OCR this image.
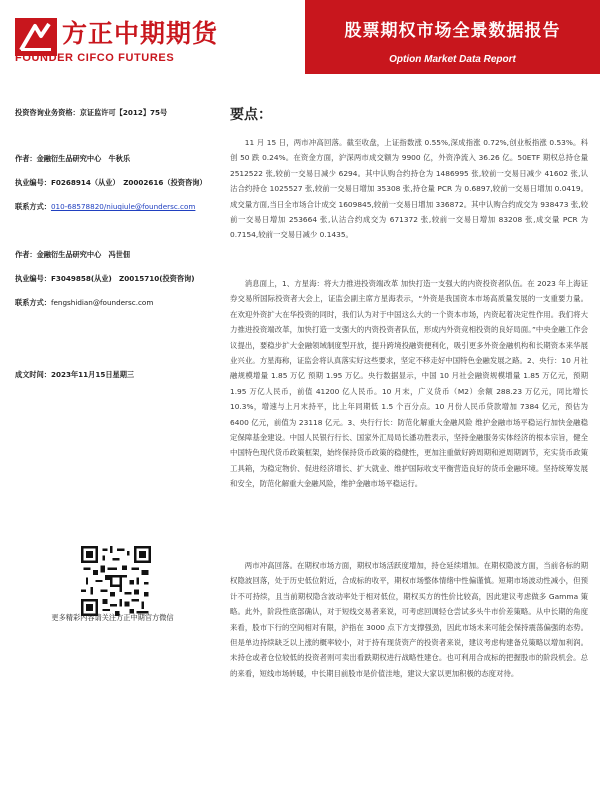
方正中期期货
FOUNDER CIFCO FUTURES
股票期权市场全景数据报告
Option Market Data Report
投资咨询业务资格：京证监许可【2012】75号
作者：金融衍生品研究中心　牛秋乐
执业编号：F0268914（从业）　Z0002616（投资咨询）
联系方式：010-68578820/niuqiule@foundersc.com
作者：金融衍生品研究中心　冯世佃
执业编号：F3049858(从业)　Z0015710(投资咨询)
联系方式：fengshidian@foundersc.com
成文时间：2023年11月15日星期三
更多精彩内容请关注方正中期官方微信
要点：
11 月 15 日，两市冲高回落。截至收盘，上证指数涨 0.55%,深成指涨 0.72%,创业板指涨 0.53%。科创 50 跌 0.24%。在资金方面，沪深两市成交额为 9900 亿，外资净流入 36.26 亿。50ETF 期权总持仓量 2512522 张,较前一交易日减少 6294。其中认购合约持仓为 1486995 张,较前一交易日减少 41602 张,认沽合约持仓 1025527 张,较前一交易日增加 35308 张,持仓量 PCR 为 0.6897,较前一交易日增加 0.0419。成交量方面,当日全市场合计成交 1609845,较前一交易日增加 336872。其中认购合约成交为 938473 张,较前一交易日增加 253664 张,认沽合约成交为 671372 张,较前一交易日增加 83208 张,成交量 PCR 为 0.7154,较前一交易日减少 0.1435。
消息面上，1、方星海：将大力推进投资端改革 加快打造一支强大的内资投资者队伍。在 2023 年上海证券交易所国际投资者大会上，证监会副主席方星海表示，“外资是我国资本市场高质量发展的一支重要力量。在欢迎外资扩大在华投资的同时，我们认为对于中国这么大的一个资本市场，内资起着决定性作用。我们将大力推进投资端改革，加快打造一支强大的内资投资者队伍，形成内外资竞相投资的良好局面。”中央金融工作会议提出，要稳步扩大金融领域制度型开放，提升跨境投融资便利化，吸引更多外资金融机构和长期资本来华展业兴业。方星海称，证监会将认真落实好这些要求，坚定不移走好中国特色金融发展之路。2、央行：10 月社融规模增量 1.85 万亿 预期 1.95 万亿。央行数据显示，中国 10 月社会融资规模增量 1.85 万亿元，预期 1.95 万亿人民币，前值 41200 亿人民币。10 月末，广义货币（M2）余额 288.23 万亿元，同比增长 10.3%，增速与上月末持平，比上年同期低 1.5 个百分点。10 月份人民币贷款增加 7384 亿元，预估为 6400 亿元，前值为 23118 亿元。3、央行行长：防范化解重大金融风险 维护金融市场平稳运行加快金融稳定保障基金建设。中国人民银行行长、国家外汇局局长潘功胜表示，坚持金融服务实体经济的根本宗旨，健全中国特色现代货币政策框架，始终保持货币政策的稳健性，更加注重做好跨周期和逆周期调节，充实货币政策工具箱，为稳定物价、促进经济增长、扩大就业、维护国际收支平衡营造良好的货币金融环境。坚持统筹发展和安全，防范化解重大金融风险，维护金融市场平稳运行。
两市冲高回落。在期权市场方面，期权市场活跃度增加，持仓延续增加。在期权隐波方面，当前各标的期权隐波回落，处于历史低位附近，合成标的收平，期权市场整体情绪中性偏谨慎。短期市场波动性减小，但预计不可持续，且当前期权隐含波动率处于相对低位，期权买方的性价比较高，因此建议考虑做多 Gamma 策略。此外，阶段性底部确认，对于短线交易者来说，可考虑回调轻仓尝试多头牛市价差策略。从中长期的角度来看，股市下行的空间相对有限，沪指在 3000 点下方支撑强劲，因此市场未来可能会保持震荡偏强的态势。但是单边持续缺乏以上涨的概率较小，对于持有现货资产的投资者来说，建议考虑构建备兑策略以增加利润。未持仓或者仓位较低的投资者则可卖出看跌期权进行战略性建仓。也可利用合成标的把握股市的阶段机会。总的来看，短线市场转暖，中长期目前股市是价值洼地，建议大家以更加积极的态度对待。
